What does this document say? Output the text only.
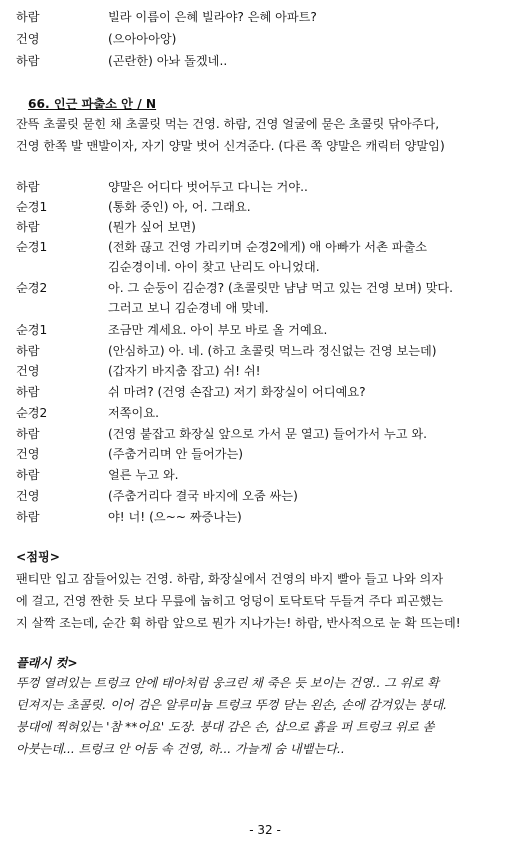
하람	빌라 이름이 은혜 빌라야? 은혜 아파트?
건영	(으아아아앙)
하람	(곤란한) 아놔 돌겠네..
66. 인근 파출소 안 / N
잔뜩 초콜릿 묻힌 채 초콜릿 먹는 건영. 하람, 건영 얼굴에 묻은 초콜릿 닦아주다,
건영 한쪽 발 맨발이자, 자기 양말 벗어 신겨준다. (다른 쪽 양말은 캐릭터 양말임)
하람	양말은 어디다 벗어두고 다니는 거야..
순경1	(통화 중인) 아, 어. 그래요.
하람	(뭔가 싶어 보면)
순경1	(전화 끊고 건영 가리키며 순경2에게) 애 아빠가 서촌 파출소
김순경이네. 아이 찾고 난리도 아니었대.
순경2	아. 그 순둥이 김순경? (초콜릿만 냠냠 먹고 있는 건영 보며) 맞다.
그러고 보니 김순경네 애 맞네.
순경1	조금만 계세요. 아이 부모 바로 올 거예요.
하람	(안심하고) 아. 네. (하고 초콜릿 먹느라 정신없는 건영 보는데)
건영	(갑자기 바지춤 잡고) 쉬! 쉬!
하람	쉬 마려? (건영 손잡고) 저기 화장실이 어디예요?
순경2	저쪽이요.
하람	(건영 붙잡고 화장실 앞으로 가서 문 열고) 들어가서 누고 와.
건영	(주춤거리며 안 들어가는)
하람	얼른 누고 와.
건영	(주춤거리다 결국 바지에 오줌 싸는)
하람	야! 너! (으~~ 짜증나는)
<점핑>
팬티만 입고 잠들어있는 건영. 하람, 화장실에서 건영의 바지 빨아 들고 나와 의자
에 걸고, 건영 짠한 듯 보다 무릎에 눕히고 엉덩이 토닥토닥 두들겨 주다 피곤했는
지 살짝 조는데, 순간 휙 하람 앞으로 뭔가 지나가는! 하람, 반사적으로 눈 확 뜨는데!
플래시 컷>
뚜껑 열려있는 트렁크 안에 태아처럼 웅크린 채 죽은 듯 보이는 건영.. 그 위로 확
던져지는 초콜릿. 이어 검은 알루미늄 트렁크 뚜껑 닫는 왼손, 손에 감겨있는 붕대.
붕대에 찍혀있는 '참 **어요' 도장. 붕대 감은 손, 삽으로 흙을 퍼 트렁크 위로 쏟
아붓는데... 트렁크 안 어둠 속 건영, 하... 가늘게 숨 내뱉는다..
- 32 -
